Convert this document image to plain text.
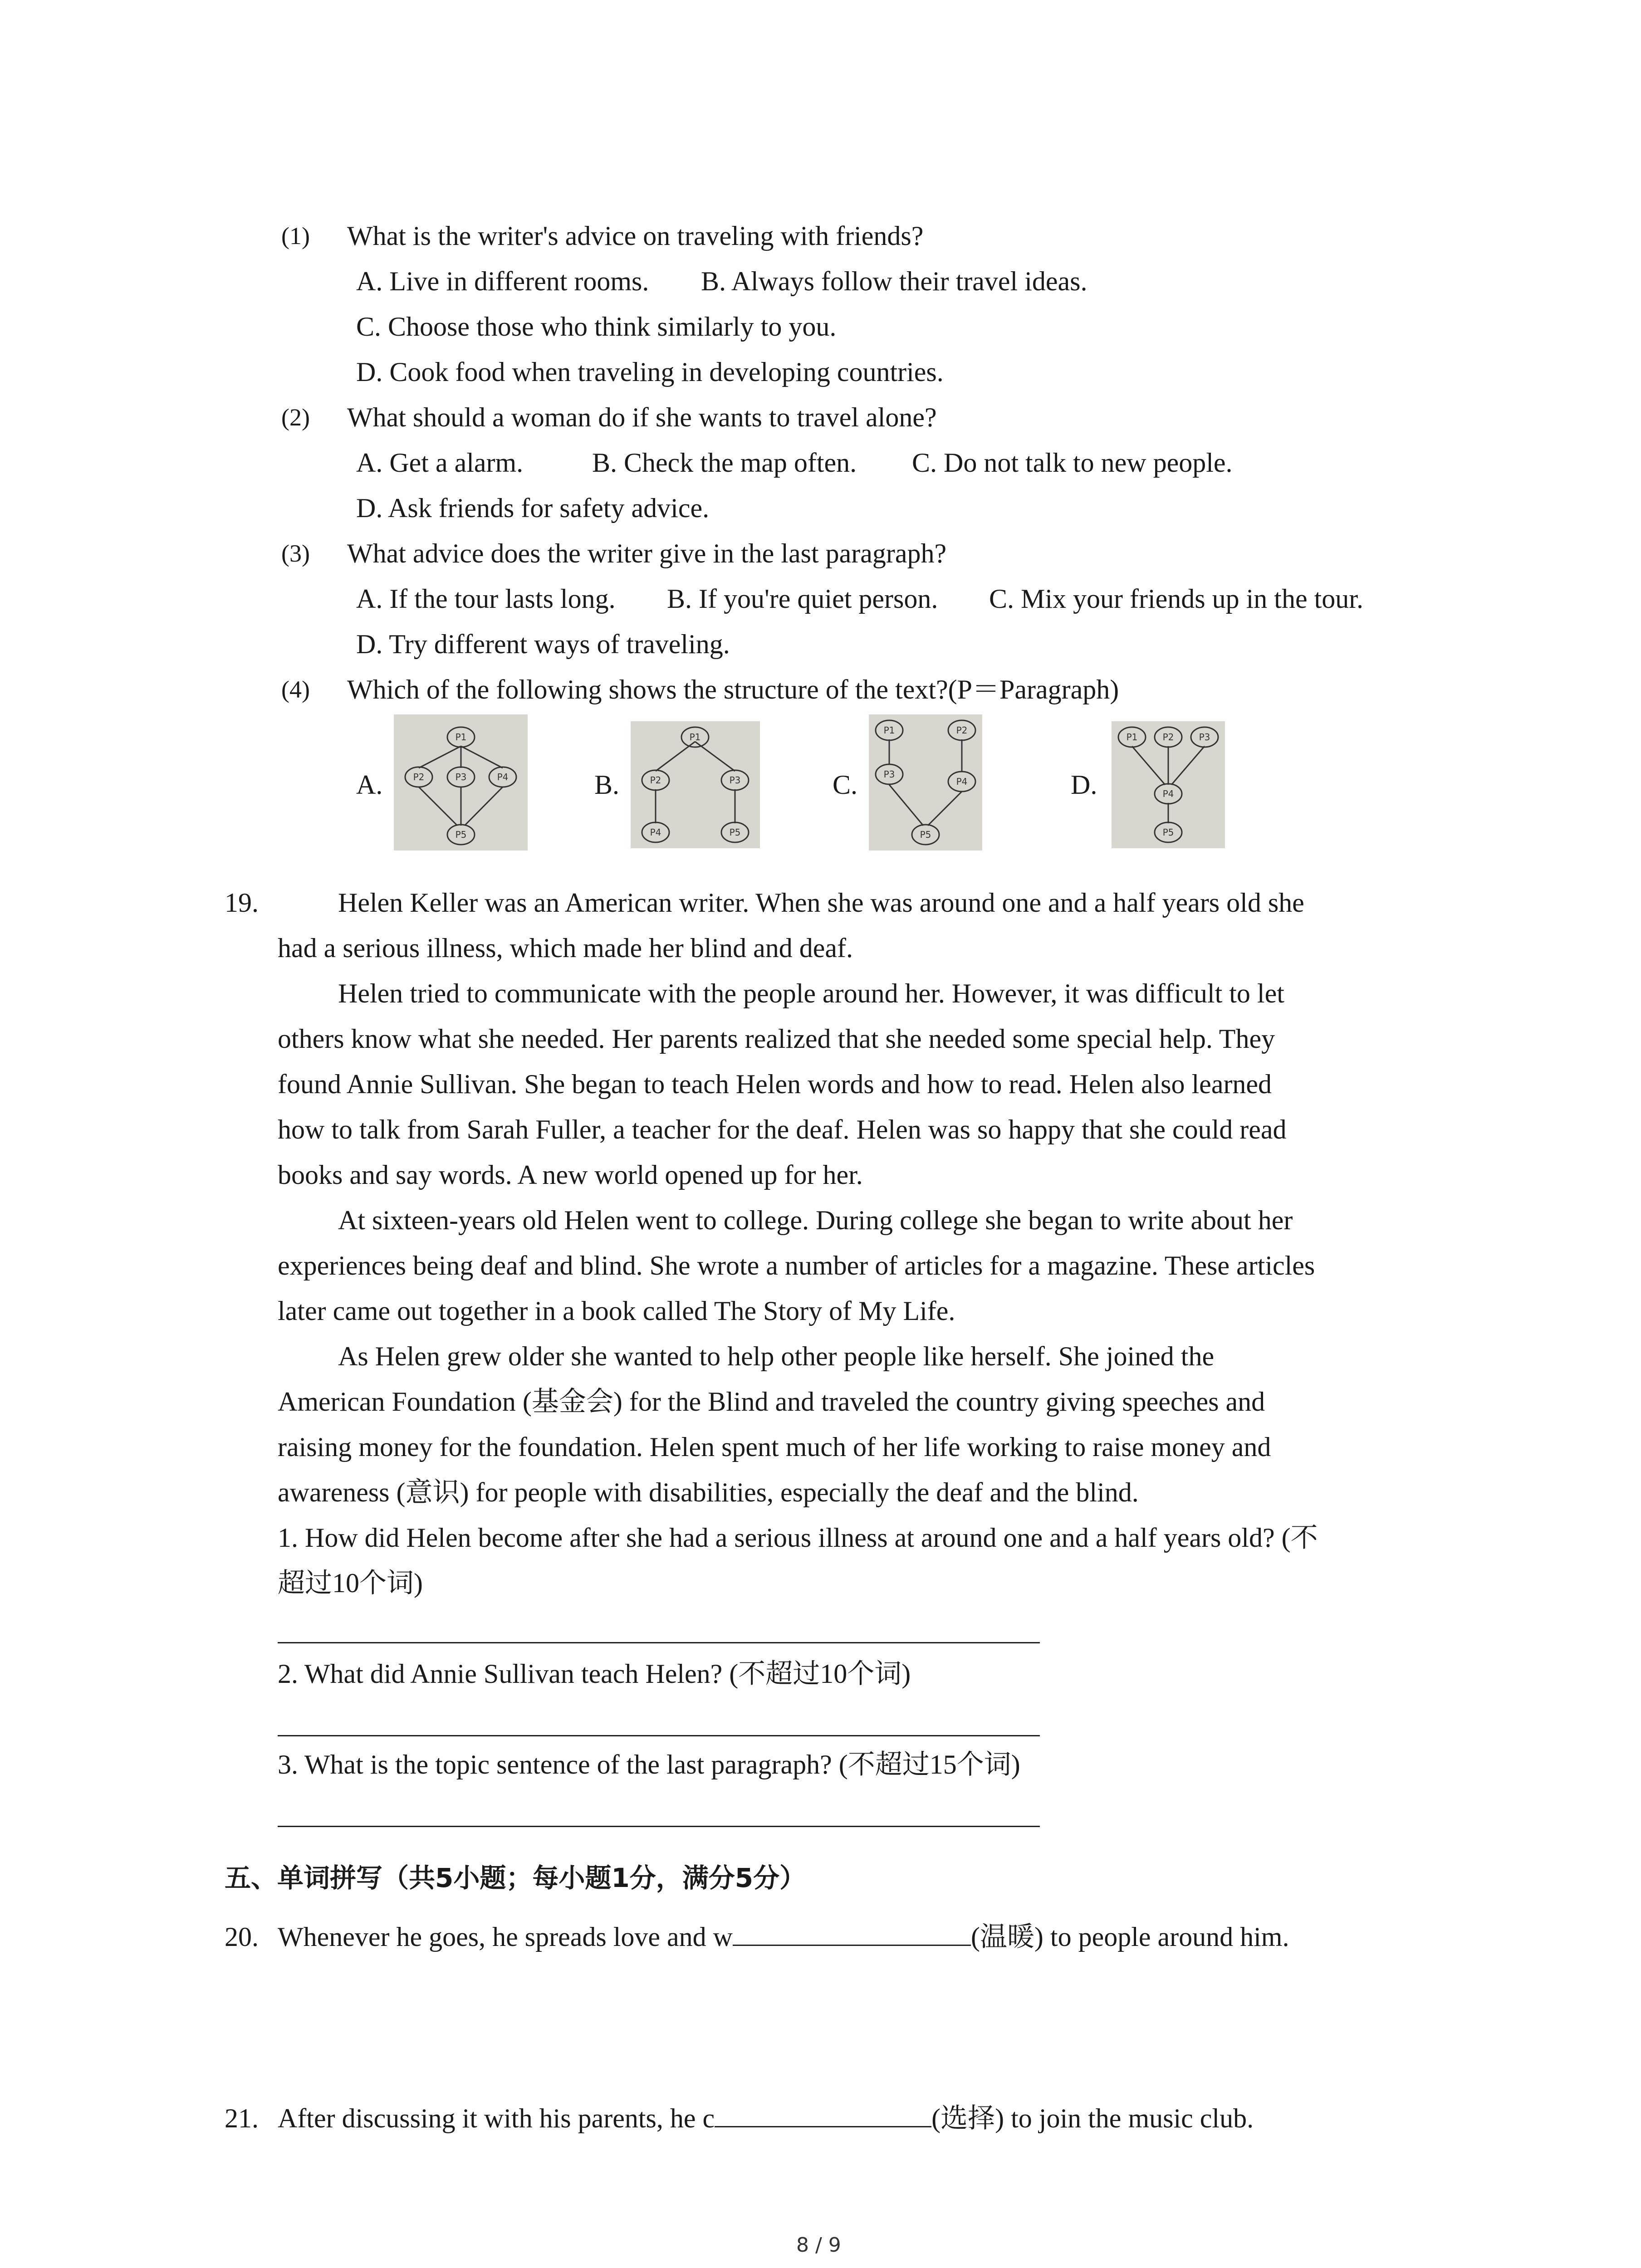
(1) What is the writer's advice on traveling with friends?
A. Live in different rooms. B. Always follow their travel ideas.
C. Choose those who think similarly to you.
D. Cook food when traveling in developing countries.
(2) What should a woman do if she wants to travel alone?
A. Get a alarm.	B. Check the map often. C. Do not talk to new people.
D. Ask friends for safety advice.
(3) What advice does the writer give in the last paragraph?
A. If the tour lasts long. B. If you're quiet person. C. Mix your friends up in the tour.
D. Try different ways of traveling.
(4) Which of the following shows the structure of the text?(P＝Paragraph)
A.
P1
P2	P3	P4
P5
B.
P1
P2	P3
P4	P5
C.
P1	P2
P3
P4
P5
D.
P1	P2	P3
P4
P5
19.	Helen Keller was an American writer. When she was around one and a half years old she
had a serious illness, which made her blind and deaf.
Helen tried to communicate with the people around her. However, it was difficult to let
others know what she needed. Her parents realized that she needed some special help. They
found Annie Sullivan. She began to teach Helen words and how to read. Helen also learned
how to talk from Sarah Fuller, a teacher for the deaf. Helen was so happy that she could read
books and say words. A new world opened up for her.
At sixteen-years old Helen went to college. During college she began to write about her
experiences being deaf and blind. She wrote a number of articles for a magazine. These articles
later came out together in a book called The Story of My Life.
As Helen grew older she wanted to help other people like herself. She joined the
American Foundation (基金会) for the Blind and traveled the country giving speeches and
raising money for the foundation. Helen spent much of her life working to raise money and
awareness (意识) for people with disabilities, especially the deaf and the blind.
1. How did Helen become after she had a serious illness at around one and a half years old? (不
超过10个词)
2. What did Annie Sullivan teach Helen? (不超过10个词)
3. What is the topic sentence of the last paragraph? (不超过15个词)
五、单词拼写（共5小题；每小题1分，满分5分）
20. Whenever he goes, he spreads love and w	(温暖) to people around him.
21. After discussing it with his parents, he c	(选择) to join the music club.
8 / 9
